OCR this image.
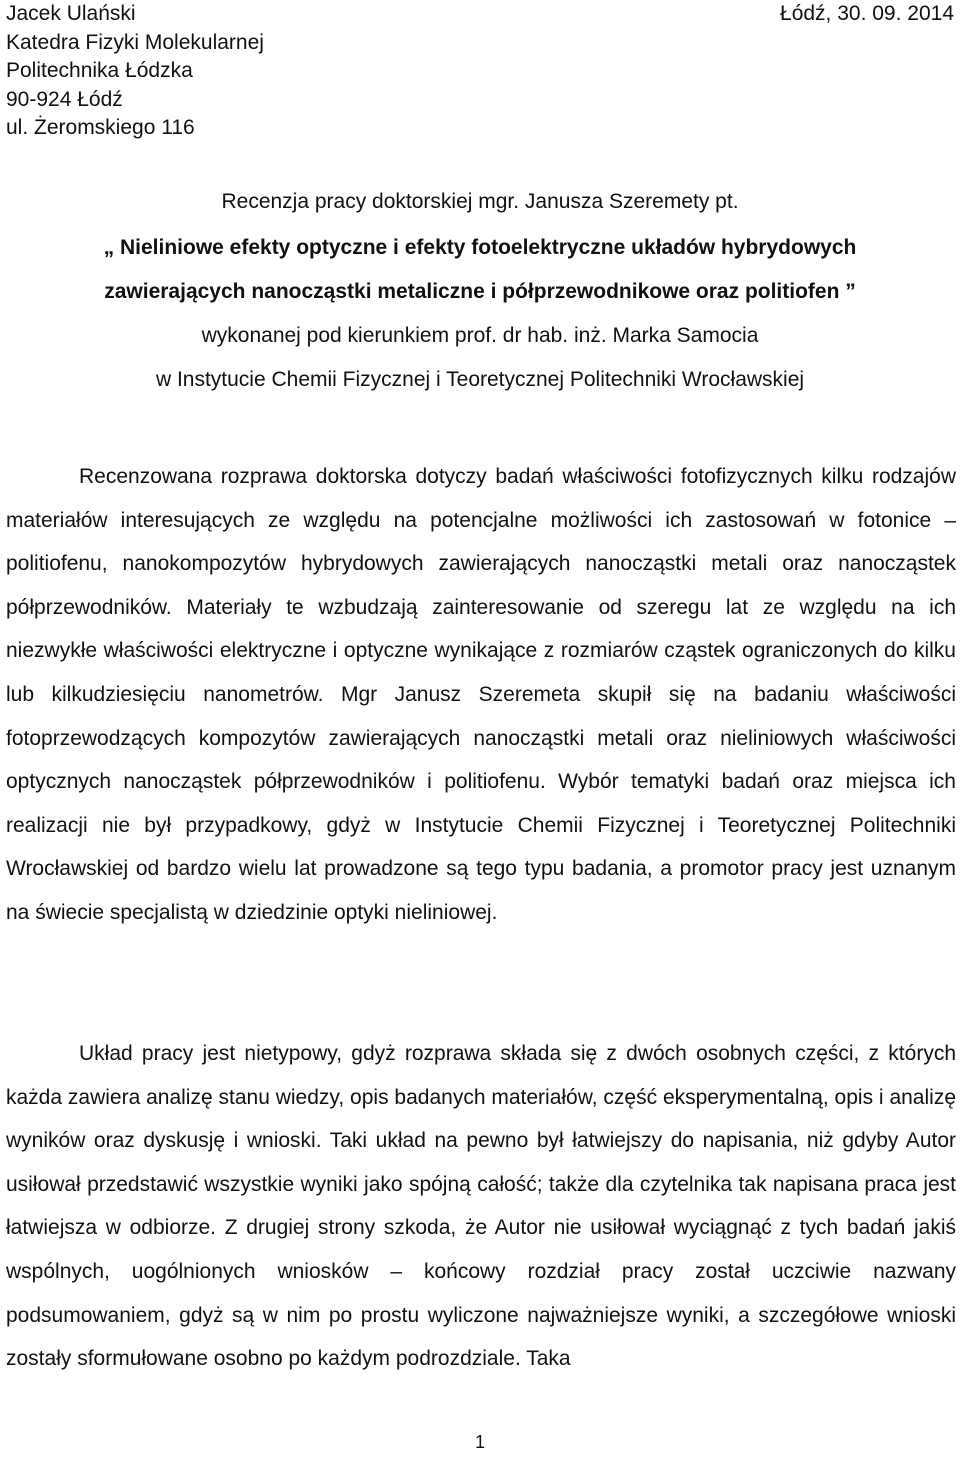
Jacek Ulański
Katedra Fizyki Molekularnej
Politechnika Łódzka
90-924 Łódź
ul. Żeromskiego 116
Łódź, 30. 09. 2014
Recenzja pracy doktorskiej mgr. Janusza Szeremety pt.
„ Nieliniowe efekty optyczne i efekty fotoelektryczne układów hybrydowych
zawierających nanocząstki metaliczne i półprzewodnikowe oraz politiofen ”
wykonanej pod kierunkiem prof. dr hab. inż. Marka Samocia
w Instytucie Chemii Fizycznej i Teoretycznej Politechniki Wrocławskiej

Recenzowana rozprawa doktorska dotyczy badań właściwości fotofizycznych kilku rodzajów materiałów interesujących ze względu na potencjalne możliwości ich zastosowań w fotonice – politiofenu, nanokompozytów hybrydowych zawierających nanocząstki metali oraz nanocząstek półprzewodników. Materiały te wzbudzają zainteresowanie od szeregu lat ze względu na ich niezwykłe właściwości elektryczne i optyczne wynikające z rozmiarów cząstek ograniczonych do kilku lub kilkudziesięciu nanometrów. Mgr Janusz Szeremeta skupił się na badaniu właściwości fotoprzewodzących kompozytów zawierających nanocząstki metali oraz nieliniowych właściwości optycznych nanocząstek półprzewodników i politiofenu. Wybór tematyki badań oraz miejsca ich realizacji nie był przypadkowy, gdyż w Instytucie Chemii Fizycznej i Teoretycznej Politechniki Wrocławskiej od bardzo wielu lat prowadzone są tego typu badania, a promotor pracy jest uznanym na świecie specjalistą w dziedzinie optyki nieliniowej.

Układ pracy jest nietypowy, gdyż rozprawa składa się z dwóch osobnych części, z których każda zawiera analizę stanu wiedzy, opis badanych materiałów, część eksperymentalną, opis i analizę wyników oraz dyskusję i wnioski. Taki układ na pewno był łatwiejszy do napisania, niż gdyby Autor usiłował przedstawić wszystkie wyniki jako spójną całość; także dla czytelnika tak napisana praca jest łatwiejsza w odbiorze. Z drugiej strony szkoda, że Autor nie usiłował wyciągnąć z tych badań jakiś wspólnych, uogólnionych wniosków – końcowy rozdział pracy został uczciwie nazwany podsumowaniem, gdyż są w nim po prostu wyliczone najważniejsze wyniki, a szczegółowe wnioski zostały sformułowane osobno po każdym podrozdziale. Taka

1
